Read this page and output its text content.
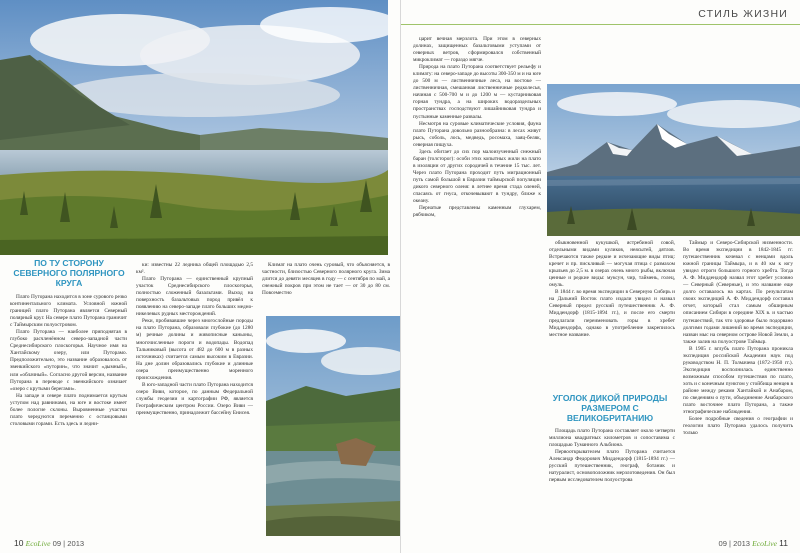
ПО ТУ СТОРОНУ СЕВЕРНОГО ПОЛЯРНОГО КРУГА

Плато Путорана находится в зоне сурового резко континентального климата. Условной южной границей плато Путорана является Северный полярный круг. На севере плато Путорана граничит с Таймырским полуостровом.

Плато Путорана — наиболее приподнятая в глубоко расчленённом северо-западной части Среднесибирского плоскогорья. Научное имя на Хантайскому озеру, или Путорамо. Предположительно, это название образовалось от эвенкийского «путорин», что значит «дымный», или «облачный». Согласно другой версии, название Путорана в переводе с эвенкийского означает «озеро с крутыми берегами».

На западе и севере плато поднимается крутым уступом над равнинами, на юге и востоке имеет более пологие склоны. Выровненные участки плато чередуются переменно с останцовыми столовыми горами. Есть здесь и ледни-

ки: известны 22 ледника общей площадью 2,5 км².

Плато Путорана — единственный крупный участок Среднесибирского плоскогорья, полностью сложенный базальтами. Выход на поверхность базальтовых пород привёл к появлению на северо-западе плато больших медно-никелевых рудных месторождений.

Реки, пробивавшие через многослойные породы на плато Путорана, образовали глубокие (до 1280 м) речные долины и живописные каньоны, многочисленные пороги и водопады. Водопад Тальниковый (высота от 482 до 600 м в разных источниках) считается самым высоким в Евразии. На дне долин образовались глубокие и длинные озера преимущественно моренного происхождения.

В юго-западной части плато Путорана находится озеро Виви, которое, по данным Федеральной службы геодезии и картографии РФ, является Географическим центром России. Озеро Виви — преимущественно, принадлежит бассейну Енисея.

Климат на плато очень суровый, что объясняется, в частности, близостью Северного полярного круга. Зима длится до девяти месяцев в году — с сентября по май, а снежный покров при этом не тает — от 30 до 80 см. Повсеместно

10 EcoLive 09 | 2013
СТИЛЬ ЖИЗНИ

царит вечная мерзлота. При этом в северных долинах, защищенных базальтовыми уступами от северных ветров, сформировался собственный микроклимат — гораздо мягче.

Природа на плато Путорана соответствует рельефу и климату: на северо-западе до высоты 300-350 м и на юге до 500 м — лиственничные леса, на востоке — лиственничная, смешанная лиственничные редколесья, начиная с 500-700 м и до 1200 м — кустарниковая горная тундра, а на широких водораздельных пространствах господствуют лишайниковая тундра и пустынные каменные развалы.

Несмотря на суровые климатические условия, фауна плато Путорана довольно разнообразна: в лесах живут рысь, соболь, лось, медведь, росомаха, заяц-беляк, северная пищуха.

Здесь обитает до сих пор малоизученный снежный баран (толсторог): особи этих копытных жили на плато в изоляции от других сородичей в течение 15 тыс. лет. Через плато Путорана проходит путь миграционный путь самой большой в Евразии таймырской популяции дикого северного оленя: в летнее время стада оленей, спасаясь от гнуса, откочевывают в тундру, ближе к океану.

Пернатые представлены каменным глухарем, рябчиком,

обыкновенной кукушкой, ястребиной совой, отдельными видами куликов, неясытей, дятлов. Встречаются также редкие и исчезающие виды птиц: кречет и пр. пискливый — могучая птица с размахом крыльев до 2,5 м. в озерах очень много рыбы, включая ценные и редкие виды: муксун, чир, таймень, голец, омуль.

В 1844 г. во время экспедиции в Северную Сибирь и на Дальний Восток плато издали увидел и назвал Северный предел русский путешественник А. Ф. Миддендорф (1815-1894 гг.), и после его смерти предлагали переименовать горы в хребет Миддендорфа, однако в употребление закрепилось местное название.

УГОЛОК ДИКОЙ ПРИРОДЫ РАЗМЕРОМ С ВЕЛИКОБРИТАНИЮ

Площадь плато Путорана составляет около четверти миллиона квадратных километров и сопоставима с площадью Туманного Альбиона.

Первооткрывателем плато Путорана считается Александр Федорович Миддендорф (1815-1894 гг.) — русский путешественник, географ, ботаник и натуралист, основоположник мерзлотоведения. Он был первым исследователем полуострова

Таймыр и Северо-Сибирской низменности. Во время экспедиции в 1842-1845 гг. путешественник кочевал с ненцами вдоль южной границы Таймыра, и в 40 км к югу увидел отроги большого горного хребта. Тогда А. Ф. Миддендорф назвал этот хребет условно — Северный (Северные), и это название еще долго оставалось на картах. По результатам своих экспедиций А. Ф. Миддендорф составил отчет, который стал самым обширным описанием Сибири в середине XIX в. и частью путешествий, так что здоровье было подорвано долгими годами лишений во время экспедиции, назван мыс на северном острове Новой Земли, а также залив на полуострове Таймыр.

В 1905 г. вглубь плато Путорана проникла экспедиция российской Академии наук под руководством Н. П. Толмачева (1872-1950 гг.). Экспедиция восполнилась единственно возможным способом путешествия по плато, хоть и с конечным пунктом у стойбища ненцев в районе между реками Хантайкой и Анабаром, по сведениям о пути, объединение Анабарского плато восточнее плато Путорана, а также этнографические наблюдения.

Более подробные сведения о географии и геологии плато Путорана удалось получить только

09 | 2013 EcoLive 11
